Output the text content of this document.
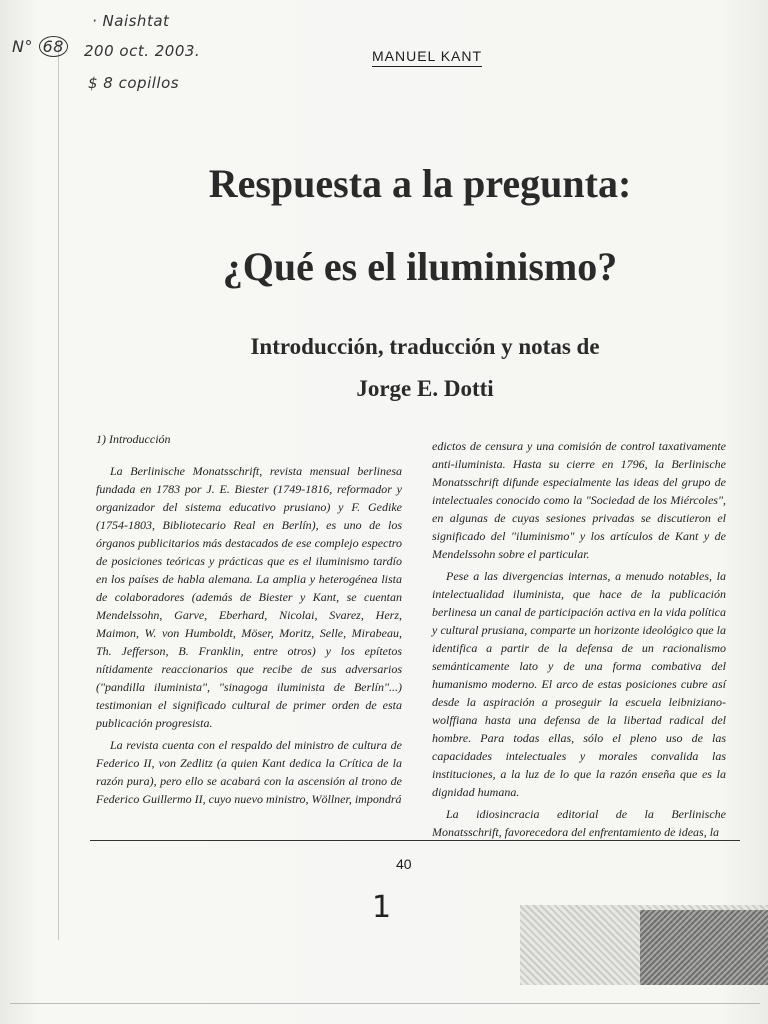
N° 68
· Naishtat
200 oct. 2003.
$ 8 copillos
MANUEL KANT
Respuesta a la pregunta:
¿Qué es el iluminismo?
Introducción, traducción y notas de
Jorge E. Dotti
1) Introducción

La Berlinische Monatsschrift, revista mensual berlinesa fundada en 1783 por J. E. Biester (1749-1816, reformador y organizador del sistema educativo prusiano) y F. Gedike (1754-1803, Bibliotecario Real en Berlín), es uno de los órganos publicitarios más destacados de ese complejo espectro de posiciones teóricas y prácticas que es el iluminismo tardío en los países de habla alemana. La amplia y heterogénea lista de colaboradores (además de Biester y Kant, se cuentan Mendelssohn, Garve, Eberhard, Nicolai, Svarez, Herz, Maimon, W. von Humboldt, Möser, Moritz, Selle, Mirabeau, Th. Jefferson, B. Franklin, entre otros) y los epítetos nítidamente reaccionarios que recibe de sus adversarios ("pandilla iluminista", "sinagoga iluminista de Berlín"...) testimonian el significado cultural de primer orden de esta publicación progresista.

La revista cuenta con el respaldo del ministro de cultura de Federico II, von Zedlitz (a quien Kant dedica la Crítica de la razón pura), pero ello se acabará con la ascensión al trono de Federico Guillermo II, cuyo nuevo ministro, Wöllner, impondrá

edictos de censura y una comisión de control taxativamente anti-iluminista. Hasta su cierre en 1796, la Berlinische Monatsschrift difunde especialmente las ideas del grupo de intelectuales conocido como la "Sociedad de los Miércoles", en algunas de cuyas sesiones privadas se discutieron el significado del "iluminismo" y los artículos de Kant y de Mendelssohn sobre el particular.

Pese a las divergencias internas, a menudo notables, la intelectualidad iluminista, que hace de la publicación berlinesa un canal de participación activa en la vida política y cultural prusiana, comparte un horizonte ideológico que la identifica a partir de la defensa de un racionalismo semánticamente lato y de una forma combativa del humanismo moderno. El arco de estas posiciones cubre así desde la aspiración a proseguir la escuela leibniziano-wolffiana hasta una defensa de la libertad radical del hombre. Para todas ellas, sólo el pleno uso de las capacidades intelectuales y morales convalida las instituciones, a la luz de lo que la razón enseña que es la dignidad humana.

La idiosincracia editorial de la Berlinische Monatsschrift, favorecedora del enfrentamiento de ideas, la

40
1
